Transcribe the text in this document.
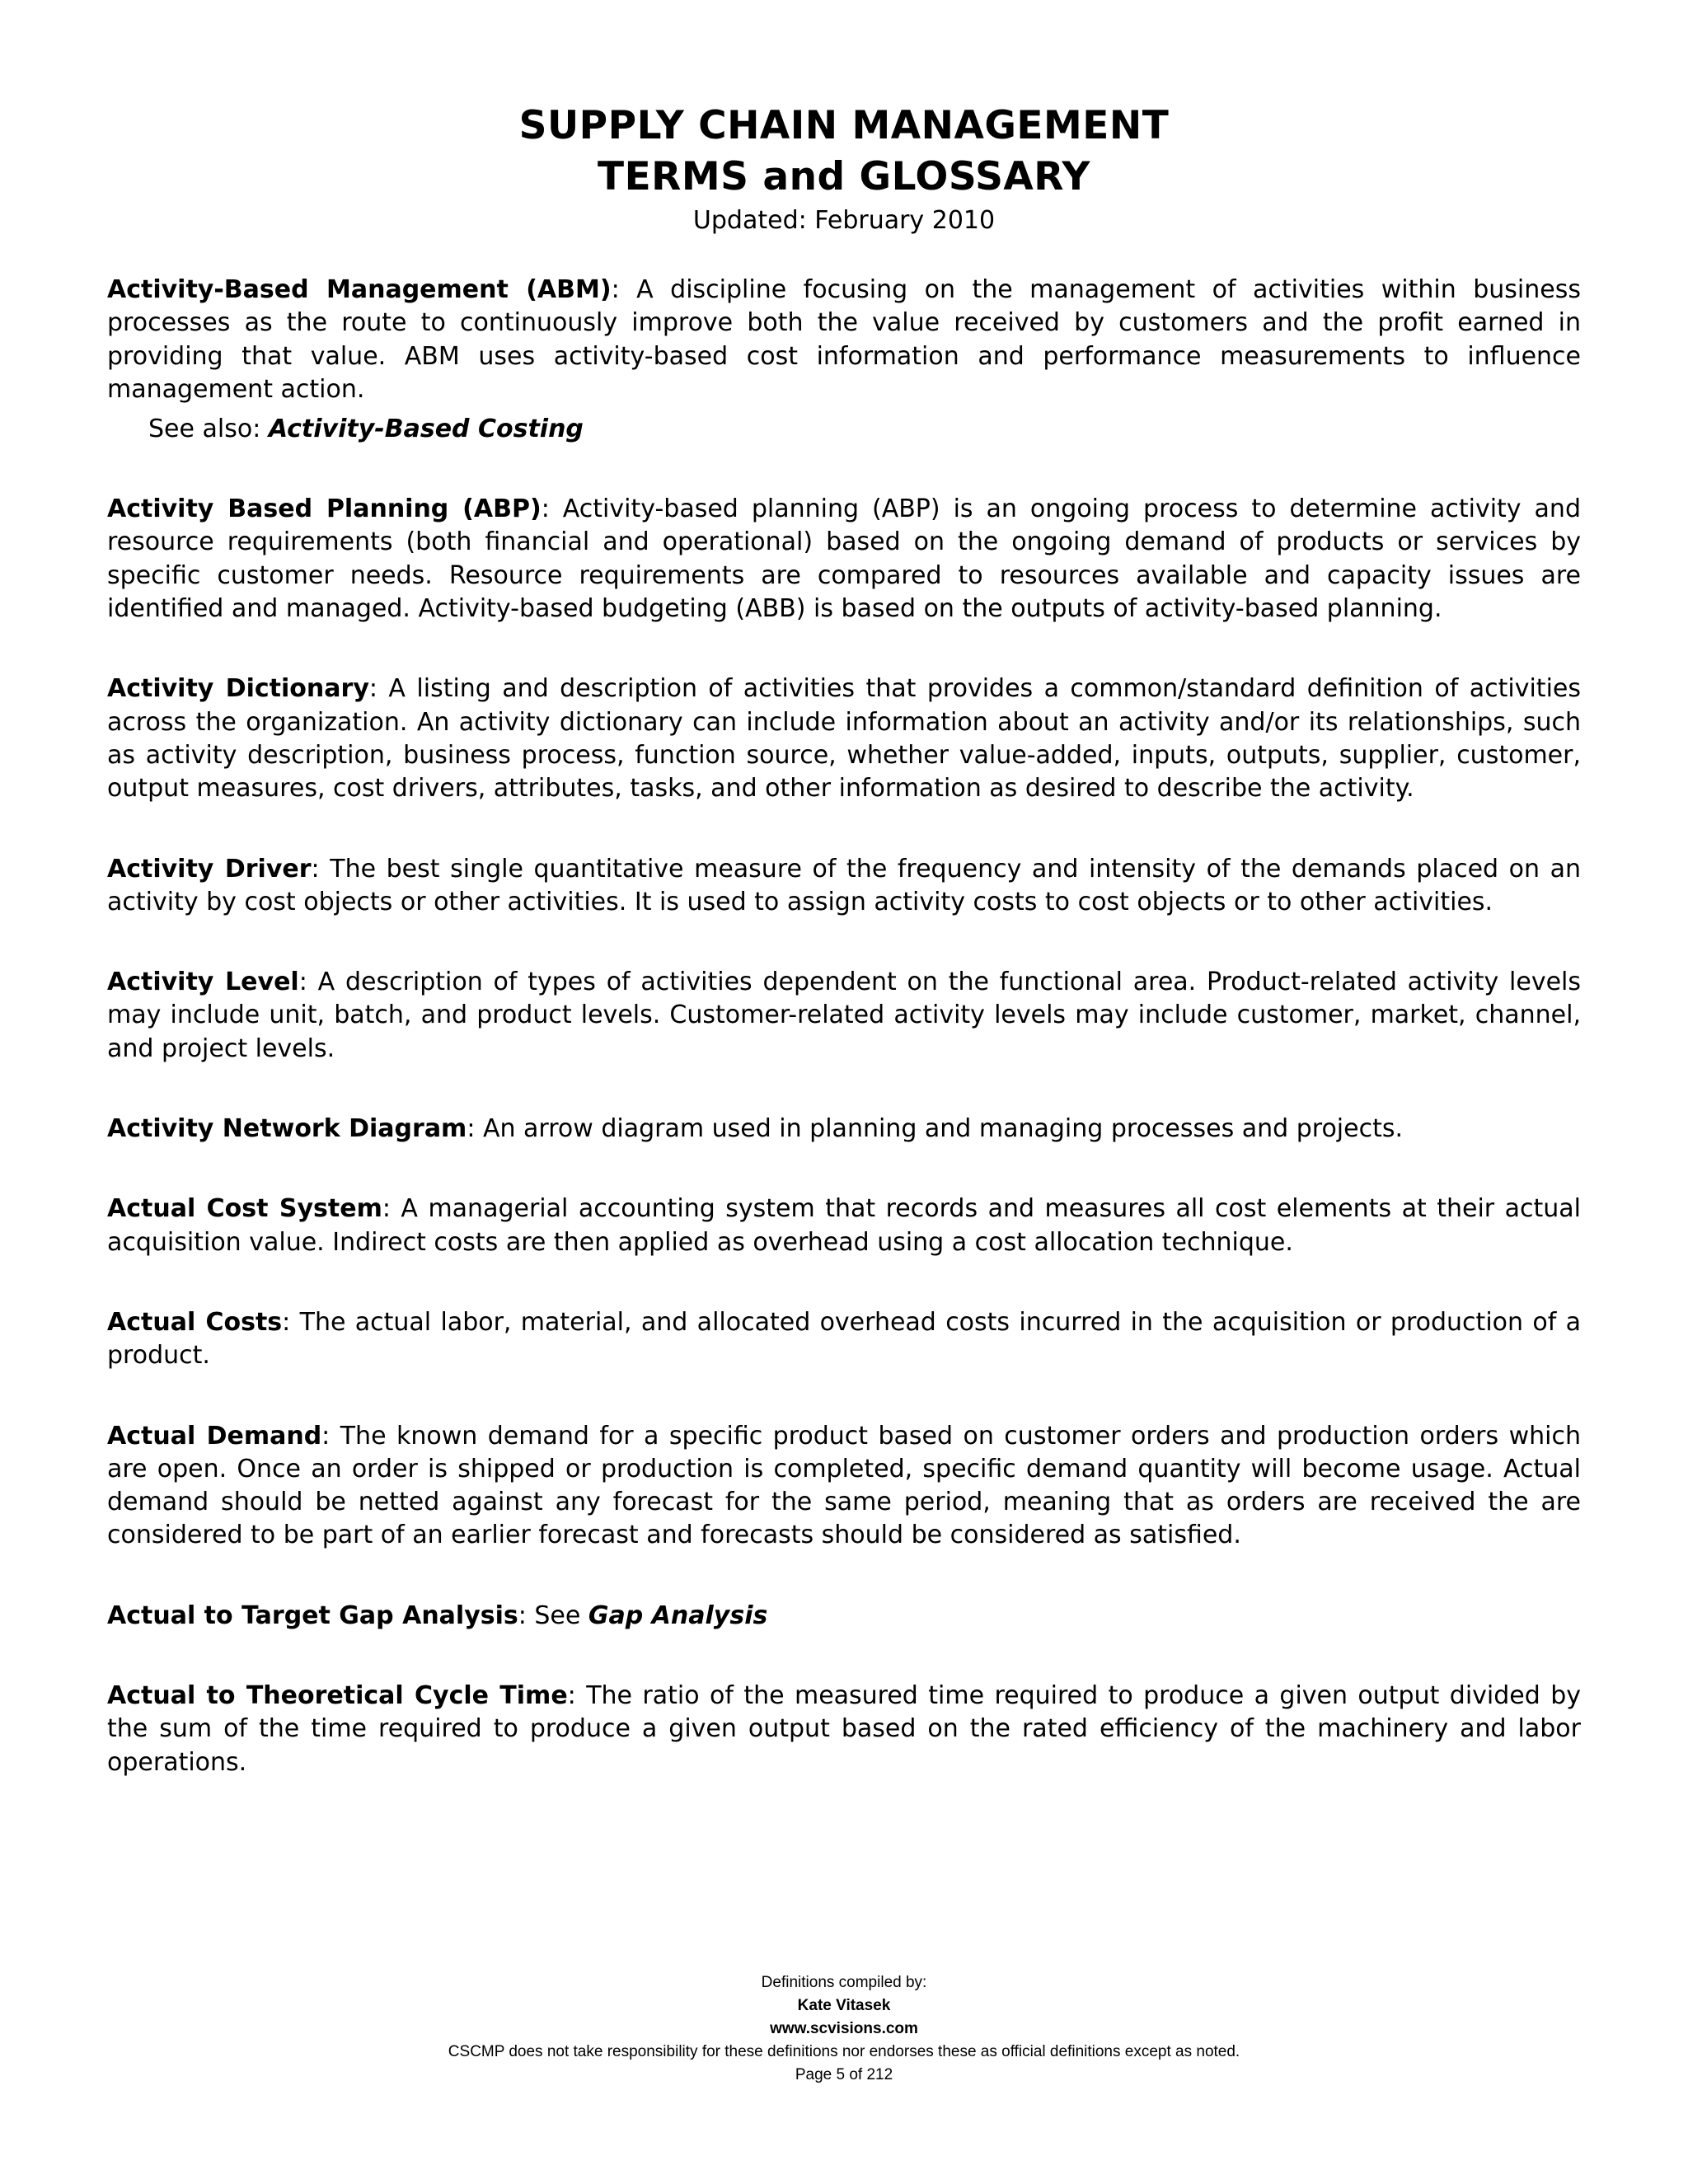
SUPPLY CHAIN MANAGEMENT
TERMS and GLOSSARY
Updated: February 2010

Activity-Based Management (ABM): A discipline focusing on the management of activities within business processes as the route to continuously improve both the value received by customers and the profit earned in providing that value. ABM uses activity-based cost information and performance measurements to influence management action.

See also: Activity-Based Costing

Activity Based Planning (ABP): Activity-based planning (ABP) is an ongoing process to determine activity and resource requirements (both financial and operational) based on the ongoing demand of products or services by specific customer needs. Resource requirements are compared to resources available and capacity issues are identified and managed. Activity-based budgeting (ABB) is based on the outputs of activity-based planning.

Activity Dictionary: A listing and description of activities that provides a common/standard definition of activities across the organization. An activity dictionary can include information about an activity and/or its relationships, such as activity description, business process, function source, whether value-added, inputs, outputs, supplier, customer, output measures, cost drivers, attributes, tasks, and other information as desired to describe the activity.

Activity Driver: The best single quantitative measure of the frequency and intensity of the demands placed on an activity by cost objects or other activities. It is used to assign activity costs to cost objects or to other activities.

Activity Level: A description of types of activities dependent on the functional area. Product-related activity levels may include unit, batch, and product levels. Customer-related activity levels may include customer, market, channel, and project levels.

Activity Network Diagram: An arrow diagram used in planning and managing processes and projects.

Actual Cost System: A managerial accounting system that records and measures all cost elements at their actual acquisition value. Indirect costs are then applied as overhead using a cost allocation technique.

Actual Costs: The actual labor, material, and allocated overhead costs incurred in the acquisition or production of a product.

Actual Demand: The known demand for a specific product based on customer orders and production orders which are open. Once an order is shipped or production is completed, specific demand quantity will become usage. Actual demand should be netted against any forecast for the same period, meaning that as orders are received the are considered to be part of an earlier forecast and forecasts should be considered as satisfied.

Actual to Target Gap Analysis: See Gap Analysis

Actual to Theoretical Cycle Time: The ratio of the measured time required to produce a given output divided by the sum of the time required to produce a given output based on the rated efficiency of the machinery and labor operations.

Definitions compiled by:
Kate Vitasek
www.scvisions.com
CSCMP does not take responsibility for these definitions nor endorses these as official definitions except as noted.
Page 5 of 212
